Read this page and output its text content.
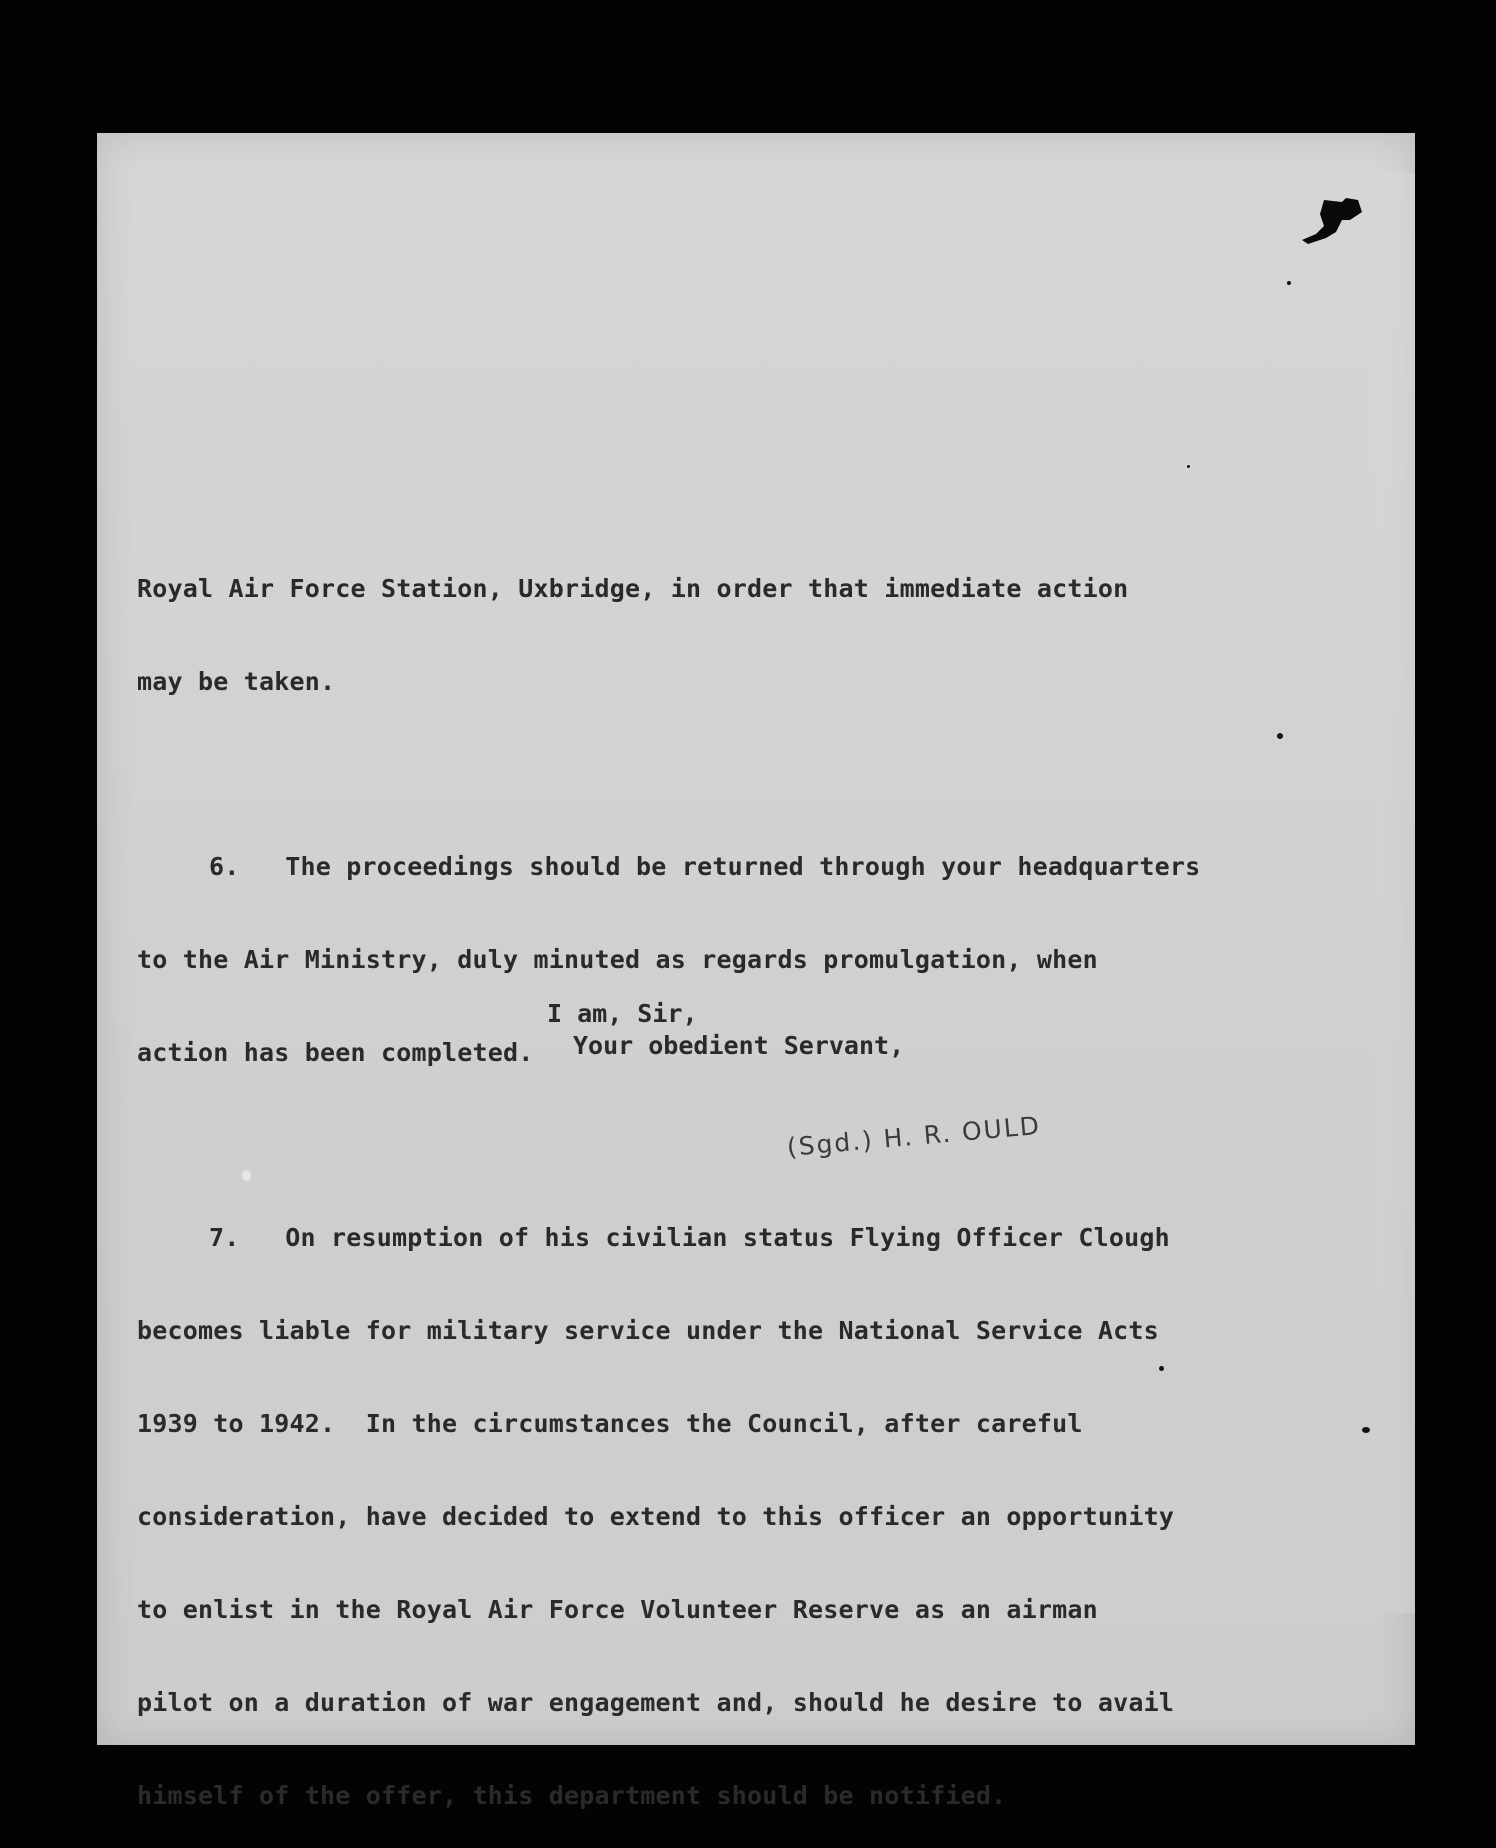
Royal Air Force Station, Uxbridge, in order that immediate action

may be taken.

6. The proceedings should be returned through your headquarters

to the Air Ministry, duly minuted as regards promulgation, when

action has been completed.

7. On resumption of his civilian status Flying Officer Clough

becomes liable for military service under the National Service Acts

1939 to 1942.  In the circumstances the Council, after careful

consideration, have decided to extend to this officer an opportunity

to enlist in the Royal Air Force Volunteer Reserve as an airman

pilot on a duration of war engagement and, should he desire to avail

himself of the offer, this department should be notified.

I am, Sir,
Your obedient Servant,
(Sgd.) H. R. OULD
